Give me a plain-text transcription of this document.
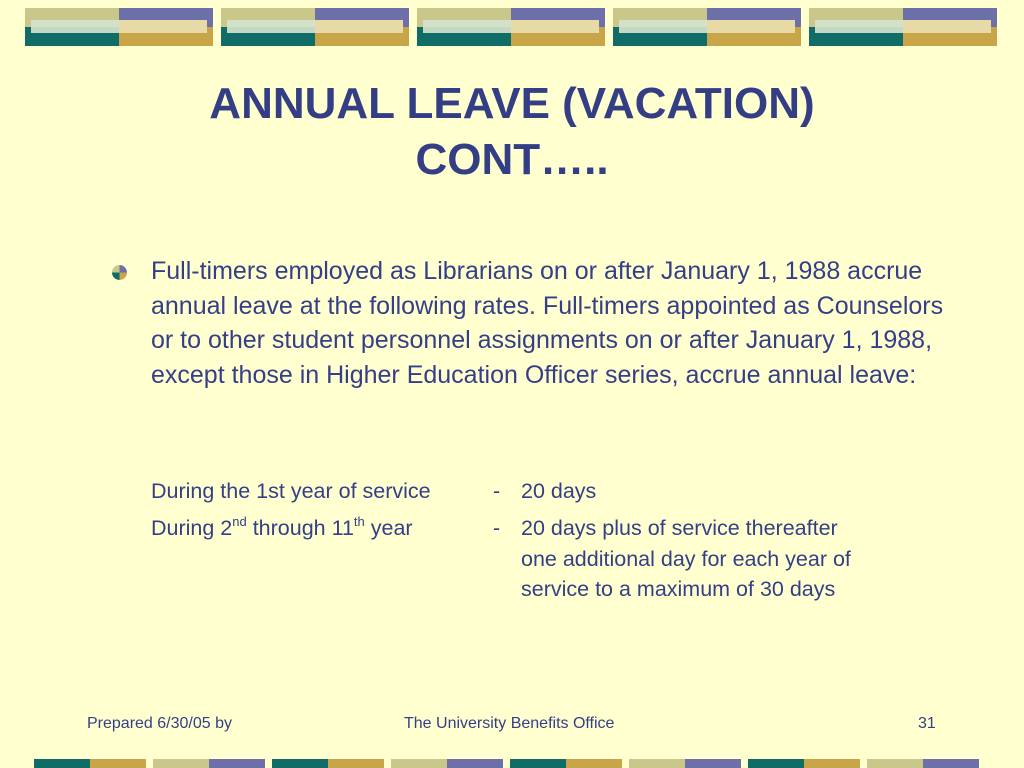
ANNUAL LEAVE (VACATION)
CONT…..
Full-timers employed as Librarians on or after January 1, 1988 accrue annual leave at the following rates. Full-timers appointed as Counselors or to other student personnel assignments on or after January 1, 1988, except those in Higher Education Officer series, accrue annual leave:
During the 1st year of service	- 20 days
During 2nd through 11th year	- 20 days plus of service thereafter
one additional day for each year of
service to a maximum of 30 days
Prepared 6/30/05 by	The University Benefits Office	31
